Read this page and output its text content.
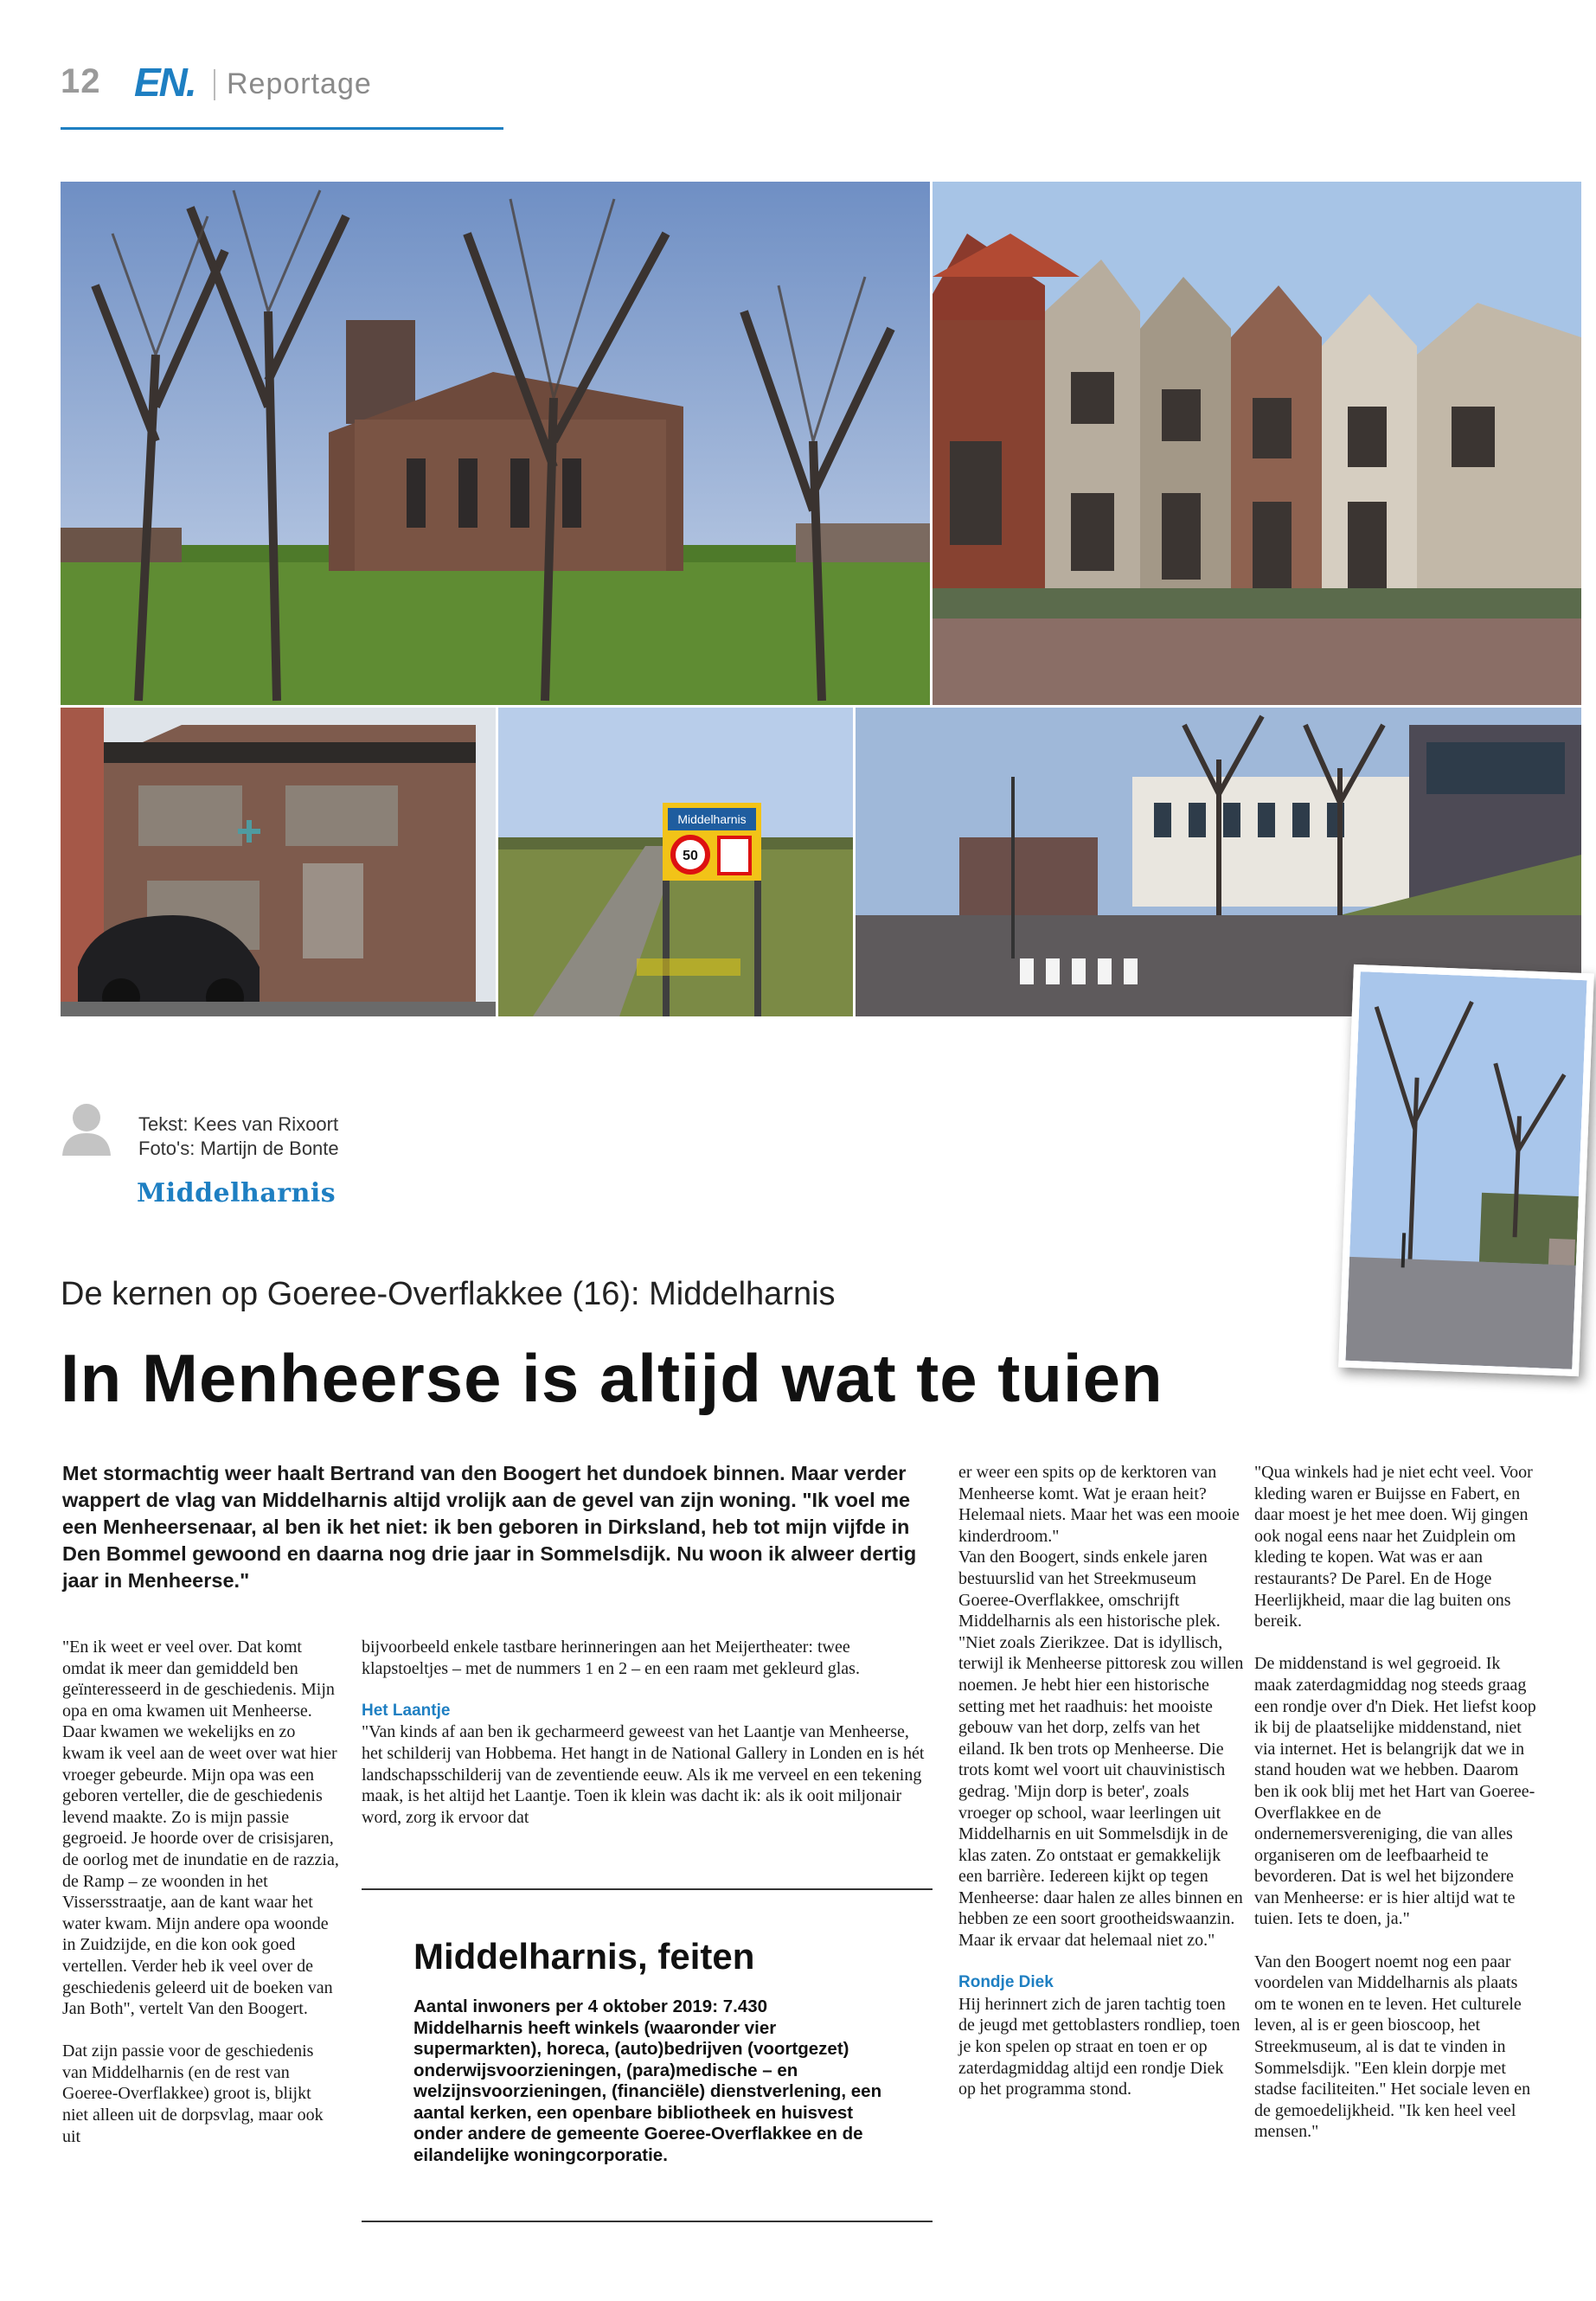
12 EN. Reportage
Middelharnis
50
Tekst: Kees van Rixoort
Foto's: Martijn de Bonte
Middelharnis
De kernen op Goeree-Overflakkee (16): Middelharnis
In Menheerse is altijd wat te tuien

Met stormachtig weer haalt Bertrand van den Boogert het dundoek binnen. Maar verder wappert de vlag van Middelharnis altijd vrolijk aan de gevel van zijn woning. "Ik voel me een Menheersenaar, al ben ik het niet: ik ben geboren in Dirksland, heb tot mijn vijfde in Den Bommel gewoond en daarna nog drie jaar in Sommelsdijk. Nu woon ik alweer dertig jaar in Menheerse."

"En ik weet er veel over. Dat komt omdat ik meer dan gemiddeld ben geïnteresseerd in de geschiedenis. Mijn opa en oma kwamen uit Menheerse. Daar kwamen we wekelijks en zo kwam ik veel aan de weet over wat hier vroeger gebeurde. Mijn opa was een geboren verteller, die de geschiedenis levend maakte. Zo is mijn passie gegroeid. Je hoorde over de crisisjaren, de oorlog met de inundatie en de razzia, de Ramp – ze woonden in het Vissersstraatje, aan de kant waar het water kwam. Mijn andere opa woonde in Zuidzijde, en die kon ook goed vertellen. Verder heb ik veel over de geschiedenis geleerd uit de boeken van Jan Both", vertelt Van den Boogert.

Dat zijn passie voor de geschiedenis van Middelharnis (en de rest van Goeree-Overflakkee) groot is, blijkt niet alleen uit de dorpsvlag, maar ook uit

bijvoorbeeld enkele tastbare herinneringen aan het Meijertheater: twee klapstoeltjes – met de nummers 1 en 2 – en een raam met gekleurd glas.

Het Laantje

"Van kinds af aan ben ik gecharmeerd geweest van het Laantje van Menheerse, het schilderij van Hobbema. Het hangt in de National Gallery in Londen en is hét landschapsschilderij van de zeventiende eeuw. Als ik me verveel en een tekening maak, is het altijd het Laantje. Toen ik klein was dacht ik: als ik ooit miljonair word, zorg ik ervoor dat

er weer een spits op de kerktoren van Menheerse komt. Wat je eraan heit? Helemaal niets. Maar het was een mooie kinderdroom."

Van den Boogert, sinds enkele jaren bestuurslid van het Streekmuseum Goeree-Overflakkee, omschrijft Middelharnis als een historische plek. "Niet zoals Zierikzee. Dat is idyllisch, terwijl ik Menheerse pittoresk zou willen noemen. Je hebt hier een historische setting met het raadhuis: het mooiste gebouw van het dorp, zelfs van het eiland. Ik ben trots op Menheerse. Die trots komt wel voort uit chauvinistisch gedrag. 'Mijn dorp is beter', zoals vroeger op school, waar leerlingen uit Middelharnis en uit Sommelsdijk in de klas zaten. Zo ontstaat er gemakkelijk een barrière. Iedereen kijkt op tegen Menheerse: daar halen ze alles binnen en hebben ze een soort grootheidswaanzin. Maar ik ervaar dat helemaal niet zo."

Rondje Diek

Hij herinnert zich de jaren tachtig toen de jeugd met gettoblasters rondliep, toen je kon spelen op straat en toen er op zaterdagmiddag altijd een rondje Diek op het programma stond.

"Qua winkels had je niet echt veel. Voor kleding waren er Buijsse en Fabert, en daar moest je het mee doen. Wij gingen ook nogal eens naar het Zuidplein om kleding te kopen. Wat was er aan restaurants? De Parel. En de Hoge Heerlijkheid, maar die lag buiten ons bereik.

De middenstand is wel gegroeid. Ik maak zaterdagmiddag nog steeds graag een rondje over d'n Diek. Het liefst koop ik bij de plaatselijke middenstand, niet via internet. Het is belangrijk dat we in stand houden wat we hebben. Daarom ben ik ook blij met het Hart van Goeree-Overflakkee en de ondernemersvereniging, die van alles organiseren om de leefbaarheid te bevorderen. Dat is wel het bijzondere van Menheerse: er is hier altijd wat te tuien. Iets te doen, ja."

Van den Boogert noemt nog een paar voordelen van Middelharnis als plaats om te wonen en te leven. Het culturele leven, al is er geen bioscoop, het Streekmuseum, al is dat te vinden in Sommelsdijk. "Een klein dorpje met stadse faciliteiten." Het sociale leven en de gemoedelijkheid. "Ik ken heel veel mensen."

Middelharnis, feiten

Aantal inwoners per 4 oktober 2019: 7.430

Middelharnis heeft winkels (waaronder vier supermarkten), horeca, (auto)bedrijven (voortgezet) onderwijsvoorzieningen, (para)medische – en welzijnsvoorzieningen, (financiële) dienstverlening, een aantal kerken, een openbare bibliotheek en huisvest onder andere de gemeente Goeree-Overflakkee en de eilandelijke woningcorporatie.
